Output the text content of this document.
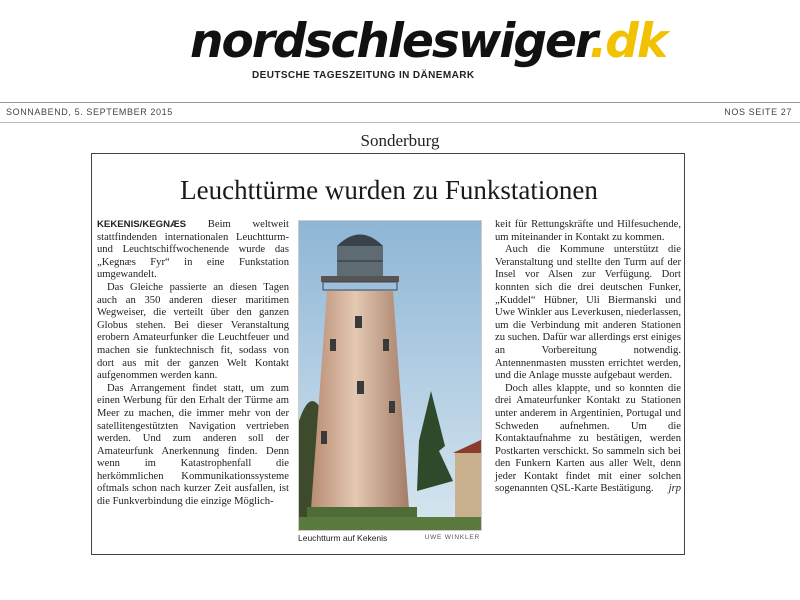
nordschleswiger.dk
DEUTSCHE TAGESZEITUNG IN DÄNEMARK
SONNABEND, 5. SEPTEMBER 2015	NOS SEITE 27
Sonderburg
Leuchttürme wurden zu Funkstationen

KEKENIS/KEGNÆS Beim weltweit stattfindenden internationalen Leuchtturm- und Leuchtschiffwochenende wurde das „Kegnæs Fyr“ in eine Funkstation umgewandelt.

Das Gleiche passierte an diesen Tagen auch an 350 anderen dieser maritimen Wegweiser, die verteilt über den ganzen Globus stehen. Bei dieser Veranstaltung erobern Amateurfunker die Leuchtfeuer und machen sie funktechnisch fit, sodass von dort aus mit der ganzen Welt Kontakt aufgenommen werden kann.

Das Arrangement findet statt, um zum einen Werbung für den Erhalt der Türme am Meer zu machen, die immer mehr von der satellitengestützten Navigation vertrieben werden. Und zum anderen soll der Amateurfunk Anerkennung finden. Denn wenn im Katastrophenfall die herkömmlichen Kommunikationssysteme oftmals schon nach kurzer Zeit ausfallen, ist die Funkverbindung die einzige Möglich-

Leuchtturm auf Kekenis	UWE WINKLER

keit für Rettungskräfte und Hilfesuchende, um miteinander in Kontakt zu kommen.

Auch die Kommune unterstützt die Veranstaltung und stellte den Turm auf der Insel vor Alsen zur Verfügung. Dort konnten sich die drei deutschen Funker, „Kuddel“ Hübner, Uli Biermanski und Uwe Winkler aus Leverkusen, niederlassen, um die Verbindung mit anderen Stationen zu suchen. Dafür war allerdings erst einiges an Vorbereitung notwendig. Antennenmasten mussten errichtet werden, und die Anlage musste aufgebaut werden.

Doch alles klappte, und so konnten die drei Amateurfunker Kontakt zu Stationen unter anderem in Argentinien, Portugal und Schweden aufnehmen. Um die Kontaktaufnahme zu bestätigen, werden Postkarten verschickt. So sammeln sich bei den Funkern Karten aus aller Welt, denn jeder Kontakt findet mit einer solchen sogenannten QSL-Karte Bestätigung.	jrp
